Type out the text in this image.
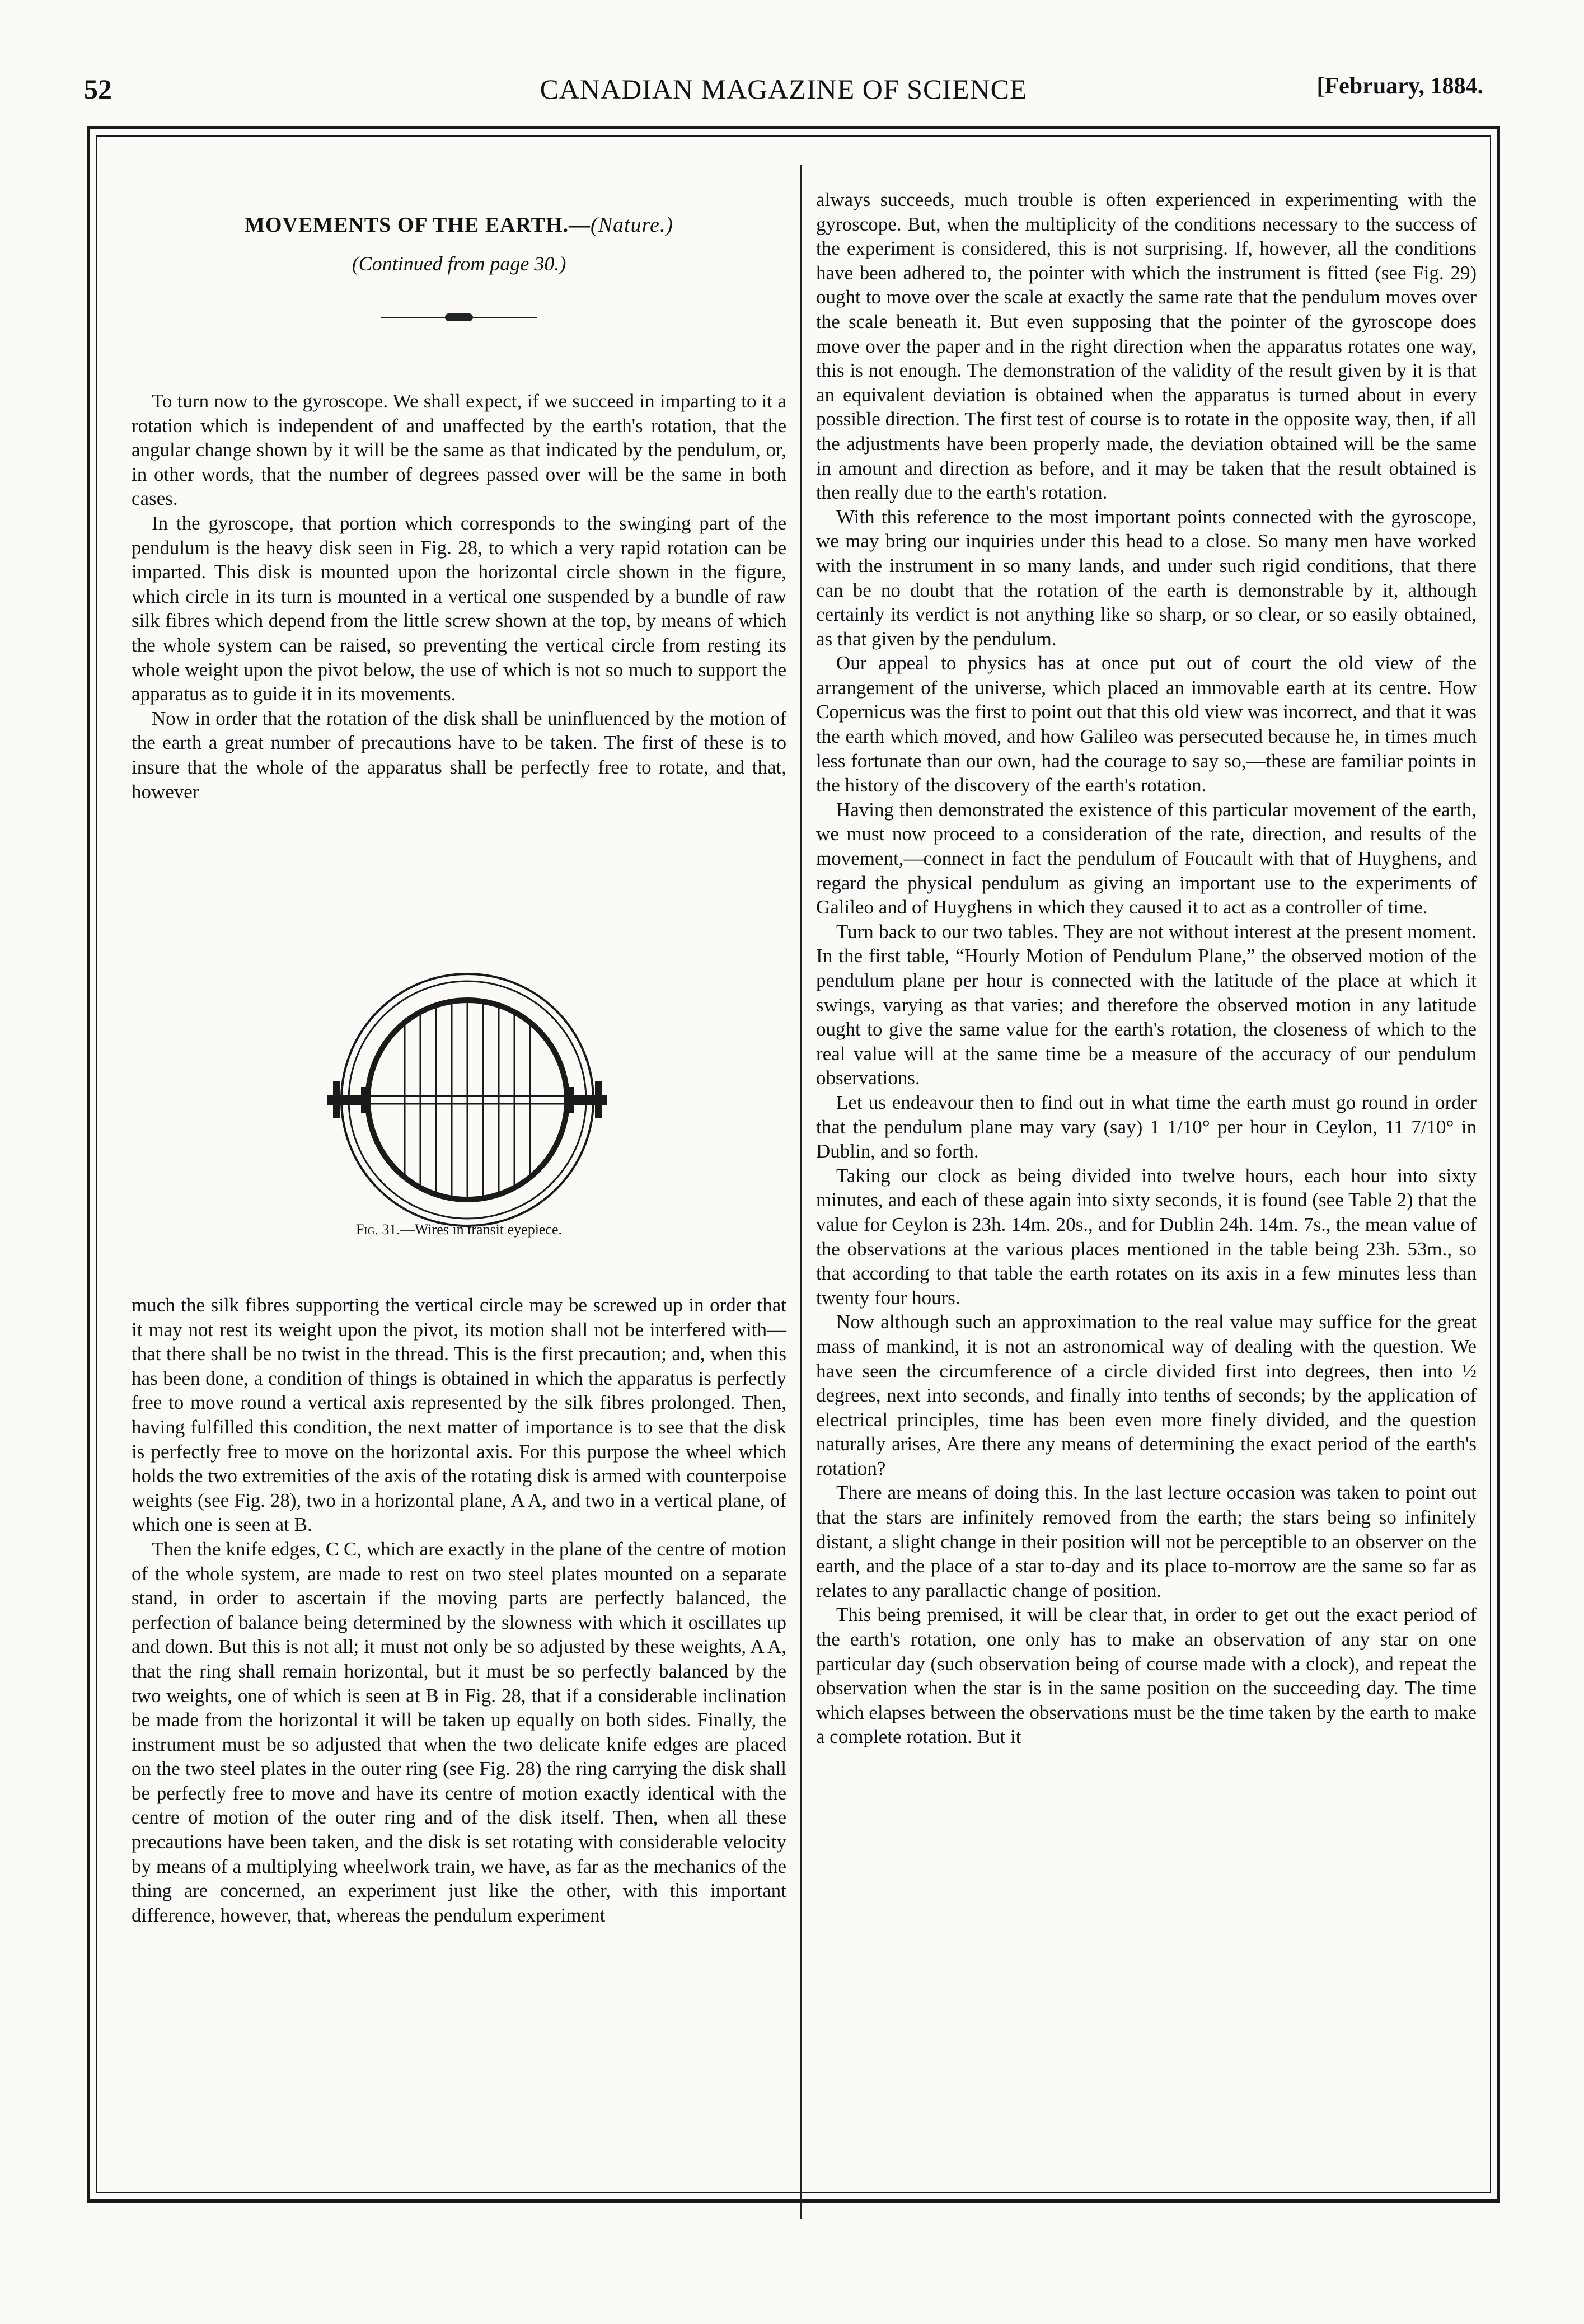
52	CANADIAN MAGAZINE OF SCIENCE	[February, 1884.
MOVEMENTS OF THE EARTH.—(Nature.)
(Continued from page 30.)

To turn now to the gyroscope. We shall expect, if we succeed in imparting to it a rotation which is independent of and unaffected by the earth's rotation, that the angular change shown by it will be the same as that indicated by the pendulum, or, in other words, that the number of degrees passed over will be the same in both cases.

In the gyroscope, that portion which corresponds to the swinging part of the pendulum is the heavy disk seen in Fig. 28, to which a very rapid rotation can be imparted. This disk is mounted upon the horizontal circle shown in the figure, which circle in its turn is mounted in a vertical one suspended by a bundle of raw silk fibres which depend from the little screw shown at the top, by means of which the whole system can be raised, so preventing the vertical circle from resting its whole weight upon the pivot below, the use of which is not so much to support the apparatus as to guide it in its movements.

Now in order that the rotation of the disk shall be uninfluenced by the motion of the earth a great number of precautions have to be taken. The first of these is to insure that the whole of the apparatus shall be perfectly free to rotate, and that, however

Fig. 31.—Wires in transit eyepiece.

much the silk fibres supporting the vertical circle may be screwed up in order that it may not rest its weight upon the pivot, its motion shall not be interfered with—that there shall be no twist in the thread. This is the first precaution; and, when this has been done, a condition of things is obtained in which the apparatus is perfectly free to move round a vertical axis represented by the silk fibres prolonged. Then, having fulfilled this condition, the next matter of importance is to see that the disk is perfectly free to move on the horizontal axis. For this purpose the wheel which holds the two extremities of the axis of the rotating disk is armed with counterpoise weights (see Fig. 28), two in a horizontal plane, A A, and two in a vertical plane, of which one is seen at B.

Then the knife edges, C C, which are exactly in the plane of the centre of motion of the whole system, are made to rest on two steel plates mounted on a separate stand, in order to ascertain if the moving parts are perfectly balanced, the perfection of balance being determined by the slowness with which it oscillates up and down. But this is not all; it must not only be so adjusted by these weights, A A, that the ring shall remain horizontal, but it must be so perfectly balanced by the two weights, one of which is seen at B in Fig. 28, that if a considerable inclination be made from the horizontal it will be taken up equally on both sides. Finally, the instrument must be so adjusted that when the two delicate knife edges are placed on the two steel plates in the outer ring (see Fig. 28) the ring carrying the disk shall be perfectly free to move and have its centre of motion exactly identical with the centre of motion of the outer ring and of the disk itself. Then, when all these precautions have been taken, and the disk is set rotating with considerable velocity by means of a multiplying wheelwork train, we have, as far as the mechanics of the thing are concerned, an experiment just like the other, with this important difference, however, that, whereas the pendulum experiment

always succeeds, much trouble is often experienced in experimenting with the gyroscope. But, when the multiplicity of the conditions necessary to the success of the experiment is considered, this is not surprising. If, however, all the conditions have been adhered to, the pointer with which the instrument is fitted (see Fig. 29) ought to move over the scale at exactly the same rate that the pendulum moves over the scale beneath it. But even supposing that the pointer of the gyroscope does move over the paper and in the right direction when the apparatus rotates one way, this is not enough. The demonstration of the validity of the result given by it is that an equivalent deviation is obtained when the apparatus is turned about in every possible direction. The first test of course is to rotate in the opposite way, then, if all the adjustments have been properly made, the deviation obtained will be the same in amount and direction as before, and it may be taken that the result obtained is then really due to the earth's rotation.

With this reference to the most important points connected with the gyroscope, we may bring our inquiries under this head to a close. So many men have worked with the instrument in so many lands, and under such rigid conditions, that there can be no doubt that the rotation of the earth is demonstrable by it, although certainly its verdict is not anything like so sharp, or so clear, or so easily obtained, as that given by the pendulum.

Our appeal to physics has at once put out of court the old view of the arrangement of the universe, which placed an immovable earth at its centre. How Copernicus was the first to point out that this old view was incorrect, and that it was the earth which moved, and how Galileo was persecuted because he, in times much less fortunate than our own, had the courage to say so,—these are familiar points in the history of the discovery of the earth's rotation.

Having then demonstrated the existence of this particular movement of the earth, we must now proceed to a consideration of the rate, direction, and results of the movement,—connect in fact the pendulum of Foucault with that of Huyghens, and regard the physical pendulum as giving an important use to the experiments of Galileo and of Huyghens in which they caused it to act as a controller of time.

Turn back to our two tables. They are not without interest at the present moment. In the first table, “Hourly Motion of Pendulum Plane,” the observed motion of the pendulum plane per hour is connected with the latitude of the place at which it swings, varying as that varies; and therefore the observed motion in any latitude ought to give the same value for the earth's rotation, the closeness of which to the real value will at the same time be a measure of the accuracy of our pendulum observations.

Let us endeavour then to find out in what time the earth must go round in order that the pendulum plane may vary (say) 1 1/10° per hour in Ceylon, 11 7/10° in Dublin, and so forth.

Taking our clock as being divided into twelve hours, each hour into sixty minutes, and each of these again into sixty seconds, it is found (see Table 2) that the value for Ceylon is 23h. 14m. 20s., and for Dublin 24h. 14m. 7s., the mean value of the observations at the various places mentioned in the table being 23h. 53m., so that according to that table the earth rotates on its axis in a few minutes less than twenty four hours.

Now although such an approximation to the real value may suffice for the great mass of mankind, it is not an astronomical way of dealing with the question. We have seen the circumference of a circle divided first into degrees, then into ½ degrees, next into seconds, and finally into tenths of seconds; by the application of electrical principles, time has been even more finely divided, and the question naturally arises, Are there any means of determining the exact period of the earth's rotation?

There are means of doing this. In the last lecture occasion was taken to point out that the stars are infinitely removed from the earth; the stars being so infinitely distant, a slight change in their position will not be perceptible to an observer on the earth, and the place of a star to-day and its place to-morrow are the same so far as relates to any parallactic change of position.

This being premised, it will be clear that, in order to get out the exact period of the earth's rotation, one only has to make an observation of any star on one particular day (such observation being of course made with a clock), and repeat the observation when the star is in the same position on the succeeding day. The time which elapses between the observations must be the time taken by the earth to make a complete rotation. But it
